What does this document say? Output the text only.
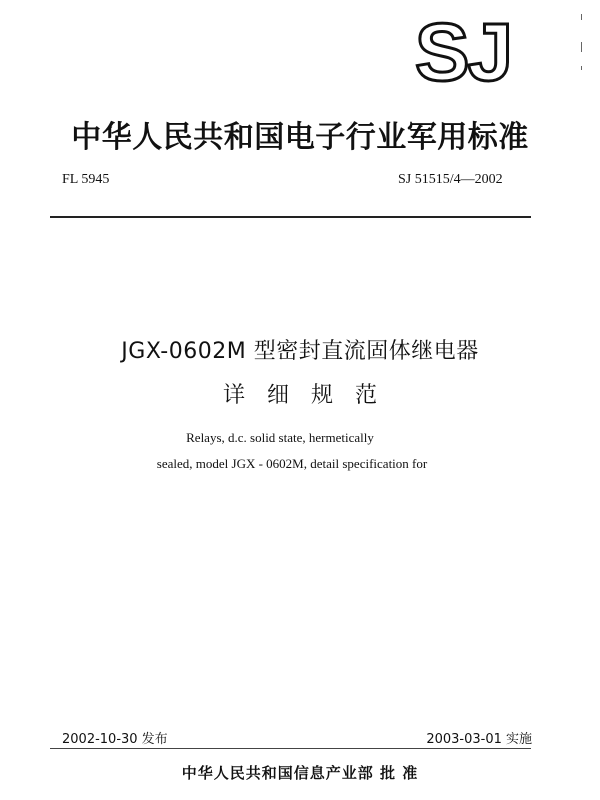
SJ
中华人民共和国电子行业军用标准
FL 5945	SJ 51515/4—2002
JGX-0602M 型密封直流固体继电器
详细规范
Relays, d.c. solid state, hermetically
sealed, model JGX - 0602M, detail specification for
2002-10-30 发布	2003-03-01 实施
中华人民共和国信息产业部 批 准
